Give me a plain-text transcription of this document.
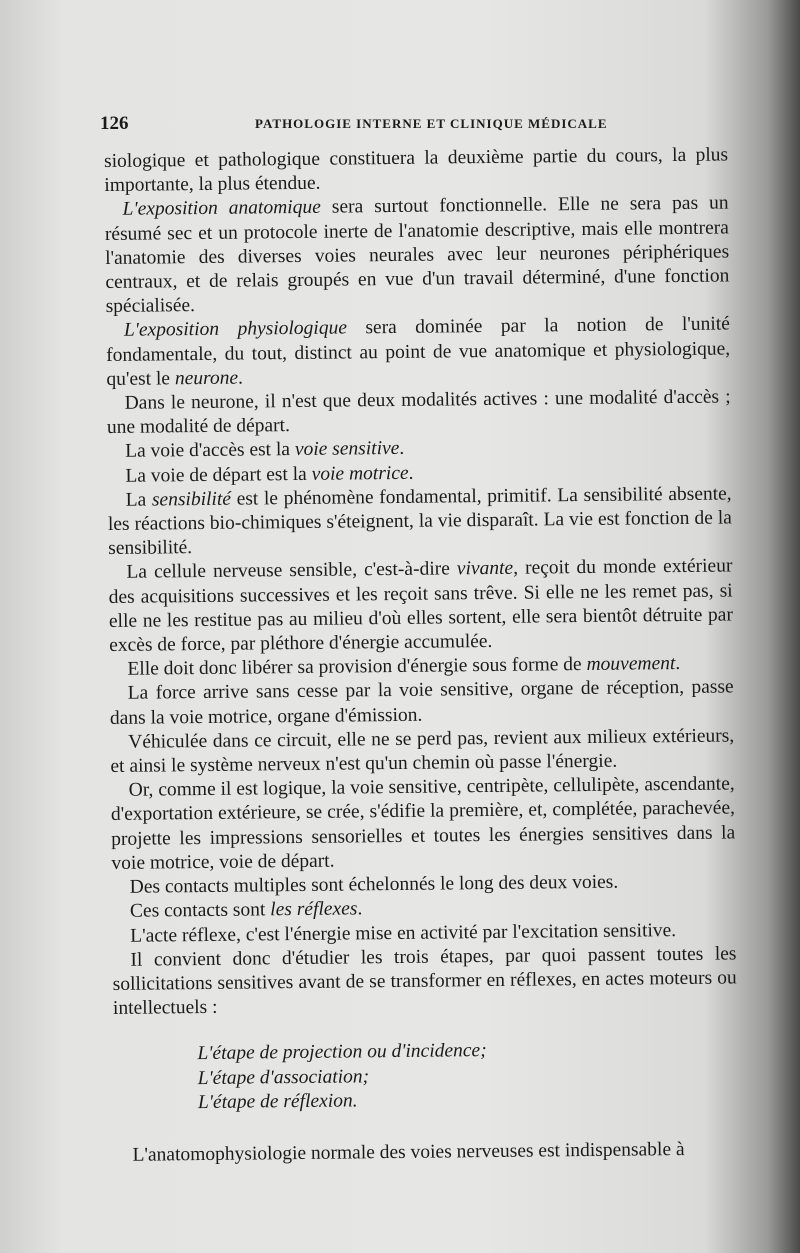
126	PATHOLOGIE INTERNE ET CLINIQUE MÉDICALE

siologique et pathologique constituera la deuxième partie du cours, la plus importante, la plus étendue.

L'exposition anatomique sera surtout fonctionnelle. Elle ne sera pas un résumé sec et un protocole inerte de l'anatomie descriptive, mais elle montrera l'anatomie des diverses voies neurales avec leur neurones périphériques centraux, et de relais groupés en vue d'un travail déterminé, d'une fonction spécialisée.

L'exposition physiologique sera dominée par la notion de l'unité fondamentale, du tout, distinct au point de vue anatomique et physiologique, qu'est le neurone.

Dans le neurone, il n'est que deux modalités actives : une modalité d'accès ; une modalité de départ.

La voie d'accès est la voie sensitive.

La voie de départ est la voie motrice.

La sensibilité est le phénomène fondamental, primitif. La sensibilité absente, les réactions bio-chimiques s'éteignent, la vie disparaît. La vie est fonction de la sensibilité.

La cellule nerveuse sensible, c'est-à-dire vivante, reçoit du monde extérieur des acquisitions successives et les reçoit sans trêve. Si elle ne les remet pas, si elle ne les restitue pas au milieu d'où elles sortent, elle sera bientôt détruite par excès de force, par pléthore d'énergie accumulée.

Elle doit donc libérer sa provision d'énergie sous forme de mouvement.

La force arrive sans cesse par la voie sensitive, organe de réception, passe dans la voie motrice, organe d'émission.

Véhiculée dans ce circuit, elle ne se perd pas, revient aux milieux extérieurs, et ainsi le système nerveux n'est qu'un chemin où passe l'énergie.

Or, comme il est logique, la voie sensitive, centripète, cellulipète, ascendante, d'exportation extérieure, se crée, s'édifie la première, et, complétée, parachevée, projette les impressions sensorielles et toutes les énergies sensitives dans la voie motrice, voie de départ.

Des contacts multiples sont échelonnés le long des deux voies.

Ces contacts sont les réflexes.

L'acte réflexe, c'est l'énergie mise en activité par l'excitation sensitive.

Il convient donc d'étudier les trois étapes, par quoi passent toutes les sollicitations sensitives avant de se transformer en réflexes, en actes moteurs ou intellectuels :

L'étape de projection ou d'incidence;

L'étape d'association;

L'étape de réflexion.

L'anatomophysiologie normale des voies nerveuses est indispensable à
